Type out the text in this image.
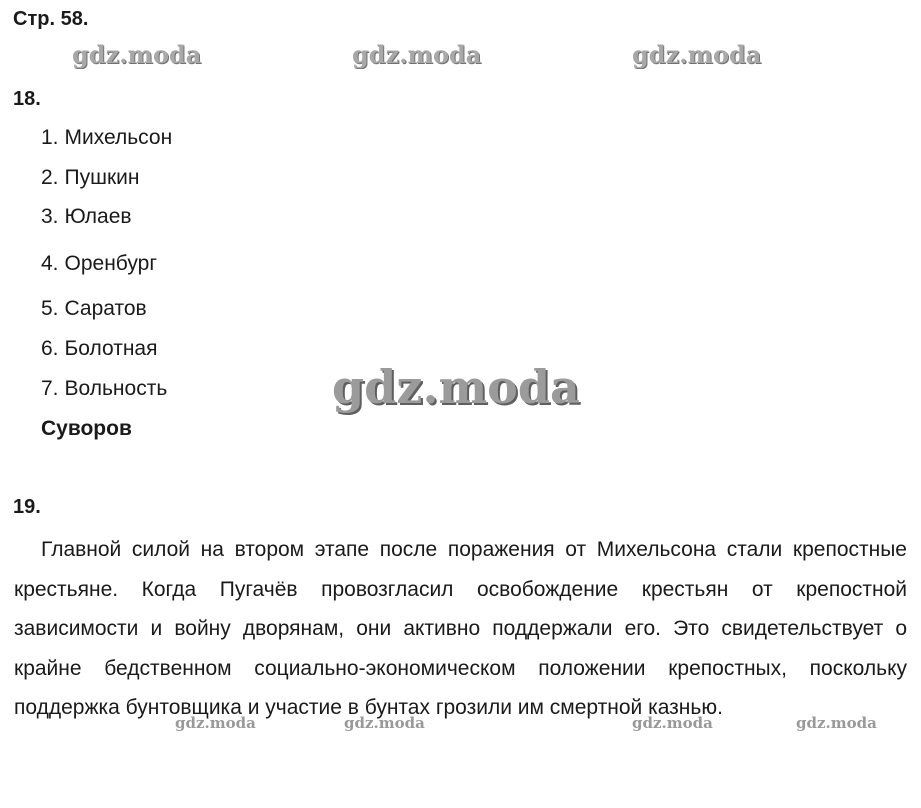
Стр. 58.
gdz.moda	gdz.moda	gdz.moda
18.
1. Михельсон
2. Пушкин
3. Юлаев
4. Оренбург
5. Саратов
6. Болотная
7. Вольность
Суворов
gdz.moda
19.

Главной силой на втором этапе после поражения от Михельсона стали крепостные крестьяне. Когда Пугачёв провозгласил освобождение крестьян от крепостной зависимости и войну дворянам, они активно поддержали его. Это свидетельствует о крайне бедственном социально-экономическом положении крепостных, поскольку поддержка бунтовщика и участие в бунтах грозили им смертной казнью.

gdz.moda	gdz.moda	gdz.moda	gdz.moda
